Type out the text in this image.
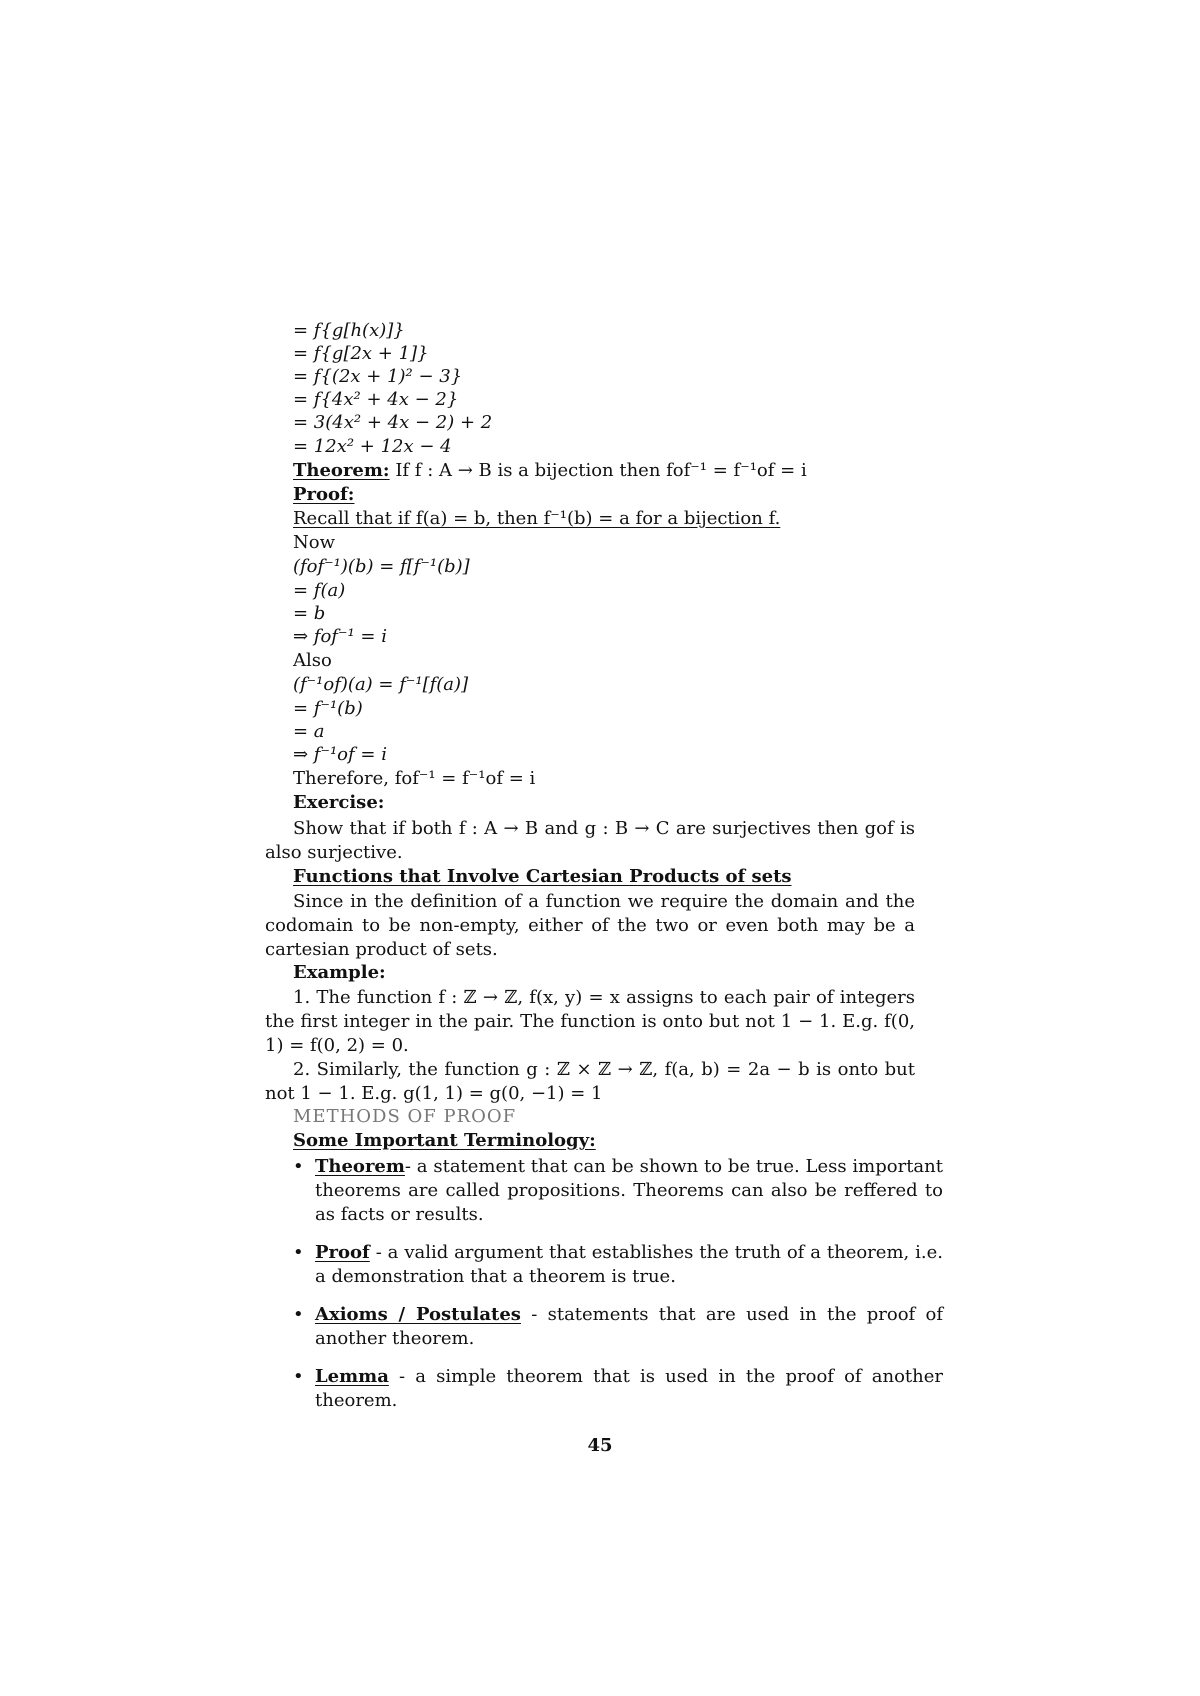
= f{g[h(x)]}
= f{g[2x + 1]}
= f{(2x + 1)² − 3}
= f{4x² + 4x − 2}
= 3(4x² + 4x − 2) + 2
= 12x² + 12x − 4
Theorem: If f : A → B is a bijection then fof⁻¹ = f⁻¹of = i
Proof:
Recall that if f(a) = b, then f⁻¹(b) = a for a bijection f.
Now
(fof⁻¹)(b) = f[f⁻¹(b)]
= f(a)
= b
⇒ fof⁻¹ = i
Also
(f⁻¹of)(a) = f⁻¹[f(a)]
= f⁻¹(b)
= a
⇒ f⁻¹of = i
Therefore, fof⁻¹ = f⁻¹of = i
Exercise:
Show that if both f : A → B and g : B → C are surjectives then gof is also surjective.
Functions that Involve Cartesian Products of sets
Since in the definition of a function we require the domain and the codomain to be non-empty, either of the two or even both may be a cartesian product of sets.
Example:
1. The function f : ℤ → ℤ, f(x, y) = x assigns to each pair of integers the first integer in the pair. The function is onto but not 1 − 1. E.g. f(0, 1) = f(0, 2) = 0.
2. Similarly, the function g : ℤ × ℤ → ℤ, f(a, b) = 2a − b is onto but not 1 − 1. E.g. g(1, 1) = g(0, −1) = 1
METHODS OF PROOF
Some Important Terminology:
• Theorem- a statement that can be shown to be true. Less important theorems are called propositions. Theorems can also be reffered to as facts or results.
• Proof - a valid argument that establishes the truth of a theorem, i.e. a demonstration that a theorem is true.
• Axioms / Postulates - statements that are used in the proof of another theorem.
• Lemma - a simple theorem that is used in the proof of another theorem.
45
